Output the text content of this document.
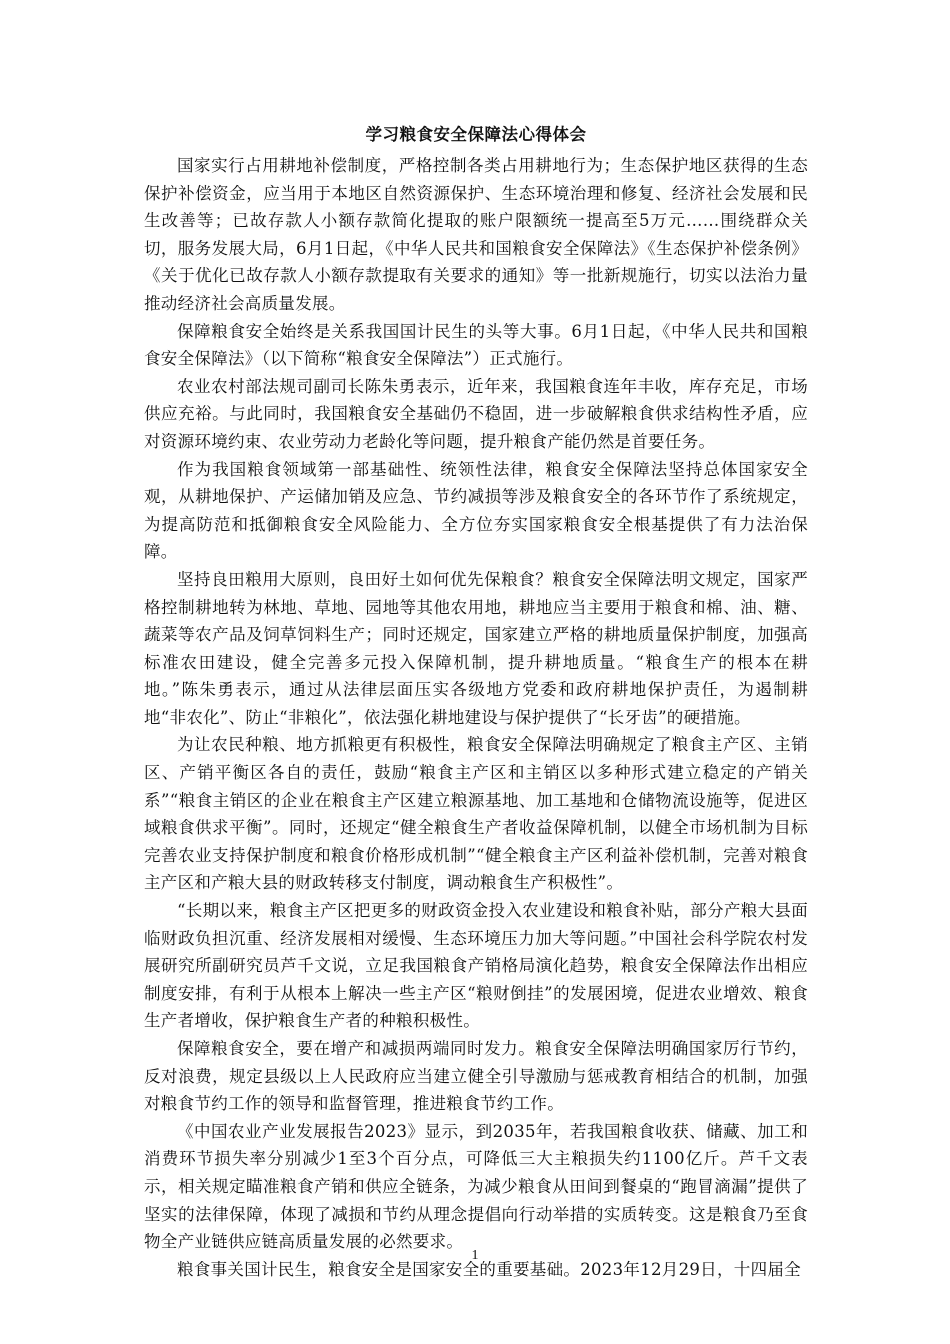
学习粮食安全保障法心得体会

国家实行占用耕地补偿制度，严格控制各类占用耕地行为；生态保护地区获得的生态保护补偿资金，应当用于本地区自然资源保护、生态环境治理和修复、经济社会发展和民生改善等；已故存款人小额存款简化提取的账户限额统一提高至5万元……围绕群众关切，服务发展大局，6月1日起，《中华人民共和国粮食安全保障法》《生态保护补偿条例》《关于优化已故存款人小额存款提取有关要求的通知》等一批新规施行，切实以法治力量推动经济社会高质量发展。

保障粮食安全始终是关系我国国计民生的头等大事。6月1日起，《中华人民共和国粮食安全保障法》（以下简称“粮食安全保障法”）正式施行。

农业农村部法规司副司长陈朱勇表示，近年来，我国粮食连年丰收，库存充足，市场供应充裕。与此同时，我国粮食安全基础仍不稳固，进一步破解粮食供求结构性矛盾，应对资源环境约束、农业劳动力老龄化等问题，提升粮食产能仍然是首要任务。

作为我国粮食领域第一部基础性、统领性法律，粮食安全保障法坚持总体国家安全观，从耕地保护、产运储加销及应急、节约减损等涉及粮食安全的各环节作了系统规定，为提高防范和抵御粮食安全风险能力、全方位夯实国家粮食安全根基提供了有力法治保障。

坚持良田粮用大原则，良田好土如何优先保粮食？粮食安全保障法明文规定，国家严格控制耕地转为林地、草地、园地等其他农用地，耕地应当主要用于粮食和棉、油、糖、蔬菜等农产品及饲草饲料生产；同时还规定，国家建立严格的耕地质量保护制度，加强高标准农田建设，健全完善多元投入保障机制，提升耕地质量。“粮食生产的根本在耕地。”陈朱勇表示，通过从法律层面压实各级地方党委和政府耕地保护责任，为遏制耕地“非农化”、防止“非粮化”，依法强化耕地建设与保护提供了“长牙齿”的硬措施。

为让农民种粮、地方抓粮更有积极性，粮食安全保障法明确规定了粮食主产区、主销区、产销平衡区各自的责任，鼓励“粮食主产区和主销区以多种形式建立稳定的产销关系”“粮食主销区的企业在粮食主产区建立粮源基地、加工基地和仓储物流设施等，促进区域粮食供求平衡”。同时，还规定“健全粮食生产者收益保障机制，以健全市场机制为目标完善农业支持保护制度和粮食价格形成机制”“健全粮食主产区利益补偿机制，完善对粮食主产区和产粮大县的财政转移支付制度，调动粮食生产积极性”。

“长期以来，粮食主产区把更多的财政资金投入农业建设和粮食补贴，部分产粮大县面临财政负担沉重、经济发展相对缓慢、生态环境压力加大等问题。”中国社会科学院农村发展研究所副研究员芦千文说，立足我国粮食产销格局演化趋势，粮食安全保障法作出相应制度安排，有利于从根本上解决一些主产区“粮财倒挂”的发展困境，促进农业增效、粮食生产者增收，保护粮食生产者的种粮积极性。

保障粮食安全，要在增产和减损两端同时发力。粮食安全保障法明确国家厉行节约，反对浪费，规定县级以上人民政府应当建立健全引导激励与惩戒教育相结合的机制，加强对粮食节约工作的领导和监督管理，推进粮食节约工作。

《中国农业产业发展报告2023》显示，到2035年，若我国粮食收获、储藏、加工和消费环节损失率分别减少1至3个百分点，可降低三大主粮损失约1100亿斤。芦千文表示，相关规定瞄准粮食产销和供应全链条，为减少粮食从田间到餐桌的“跑冒滴漏”提供了坚实的法律保障，体现了减损和节约从理念提倡向行动举措的实质转变。这是粮食乃至食物全产业链供应链高质量发展的必然要求。

粮食事关国计民生，粮食安全是国家安全的重要基础。2023年12月29日，十四届全

1
